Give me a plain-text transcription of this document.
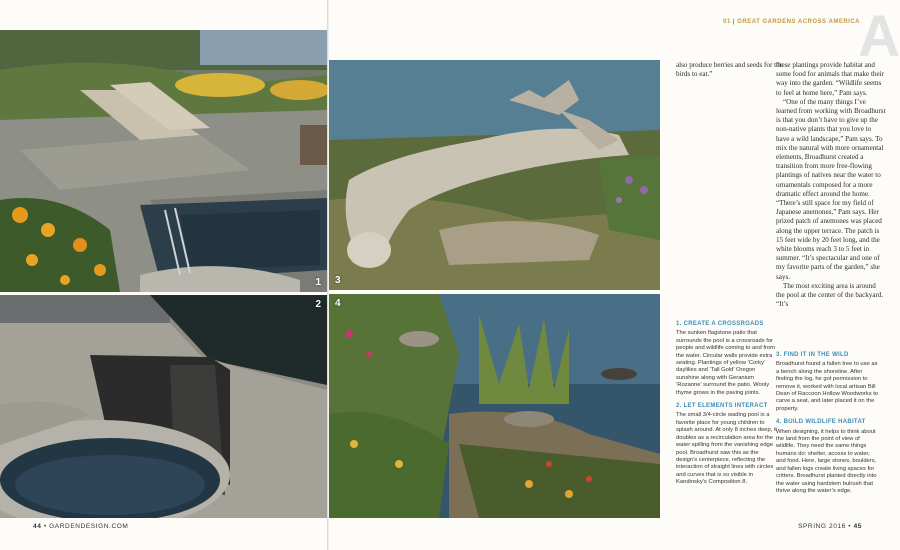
1
2
3
4
01 | GREAT GARDENS ACROSS AMERICA
A

also produce berries and seeds for the birds to eat.”

these plantings provide habitat and some food for animals that make their way into the garden. “Wildlife seems to feel at home here,” Pam says.

“One of the many things I’ve learned from working with Broadhurst is that you don’t have to give up the non-native plants that you love to have a wild landscape,” Pam says. To mix the natural with more ornamental elements, Broadhurst created a transition from more free-flowing plantings of natives near the water to ornamentals composed for a more dramatic effect around the home. “There’s still space for my field of Japanese anemones,” Pam says. Her prized patch of anemones was placed along the upper terrace. The patch is 15 feet wide by 20 feet long, and the white blooms reach 3 to 5 feet in summer. “It’s spectacular and one of my favorite parts of the garden,” she says.

The most exciting area is around the pool at the center of the backyard. “It’s

1. CREATE A CROSSROADS

The sunken flagstone patio that surrounds the pool is a crossroads for people and wildlife coming to and from the water. Circular walls provide extra seating. Plantings of yellow ‘Corky’ daylilies and ‘Tall Gold’ Oregon sunshine along with Geranium ‘Rozanne’ surround the patio. Wooly thyme grows in the paving joints.

2. LET ELEMENTS INTERACT

The small 3/4-circle wading pool is a favorite place for young children to splash around. At only 8 inches deep, it doubles as a recirculation area for the water spilling from the vanishing edge pool. Broadhurst saw this as the design’s centerpiece, reflecting the interaction of straight lines with circles and curves that is so visible in Kandinsky’s Composition 8.

3. FIND IT IN THE WILD

Broadhurst found a fallen tree to use as a bench along the shoreline. After finding the log, he got permission to remove it, worked with local artisan Bill Dean of Raccoon Hollow Woodworks to carve a seat, and later placed it on the property.

4. BUILD WILDLIFE HABITAT

When designing, it helps to think about the land from the point of view of wildlife. They need the same things humans do: shelter, access to water, and food. Here, large stones, boulders, and fallen logs create living spaces for critters. Broadhurst planted directly into the water using hardstem bulrush that thrive along the water’s edge.

44 • GARDENDESIGN.COM	SPRING 2016 • 45
